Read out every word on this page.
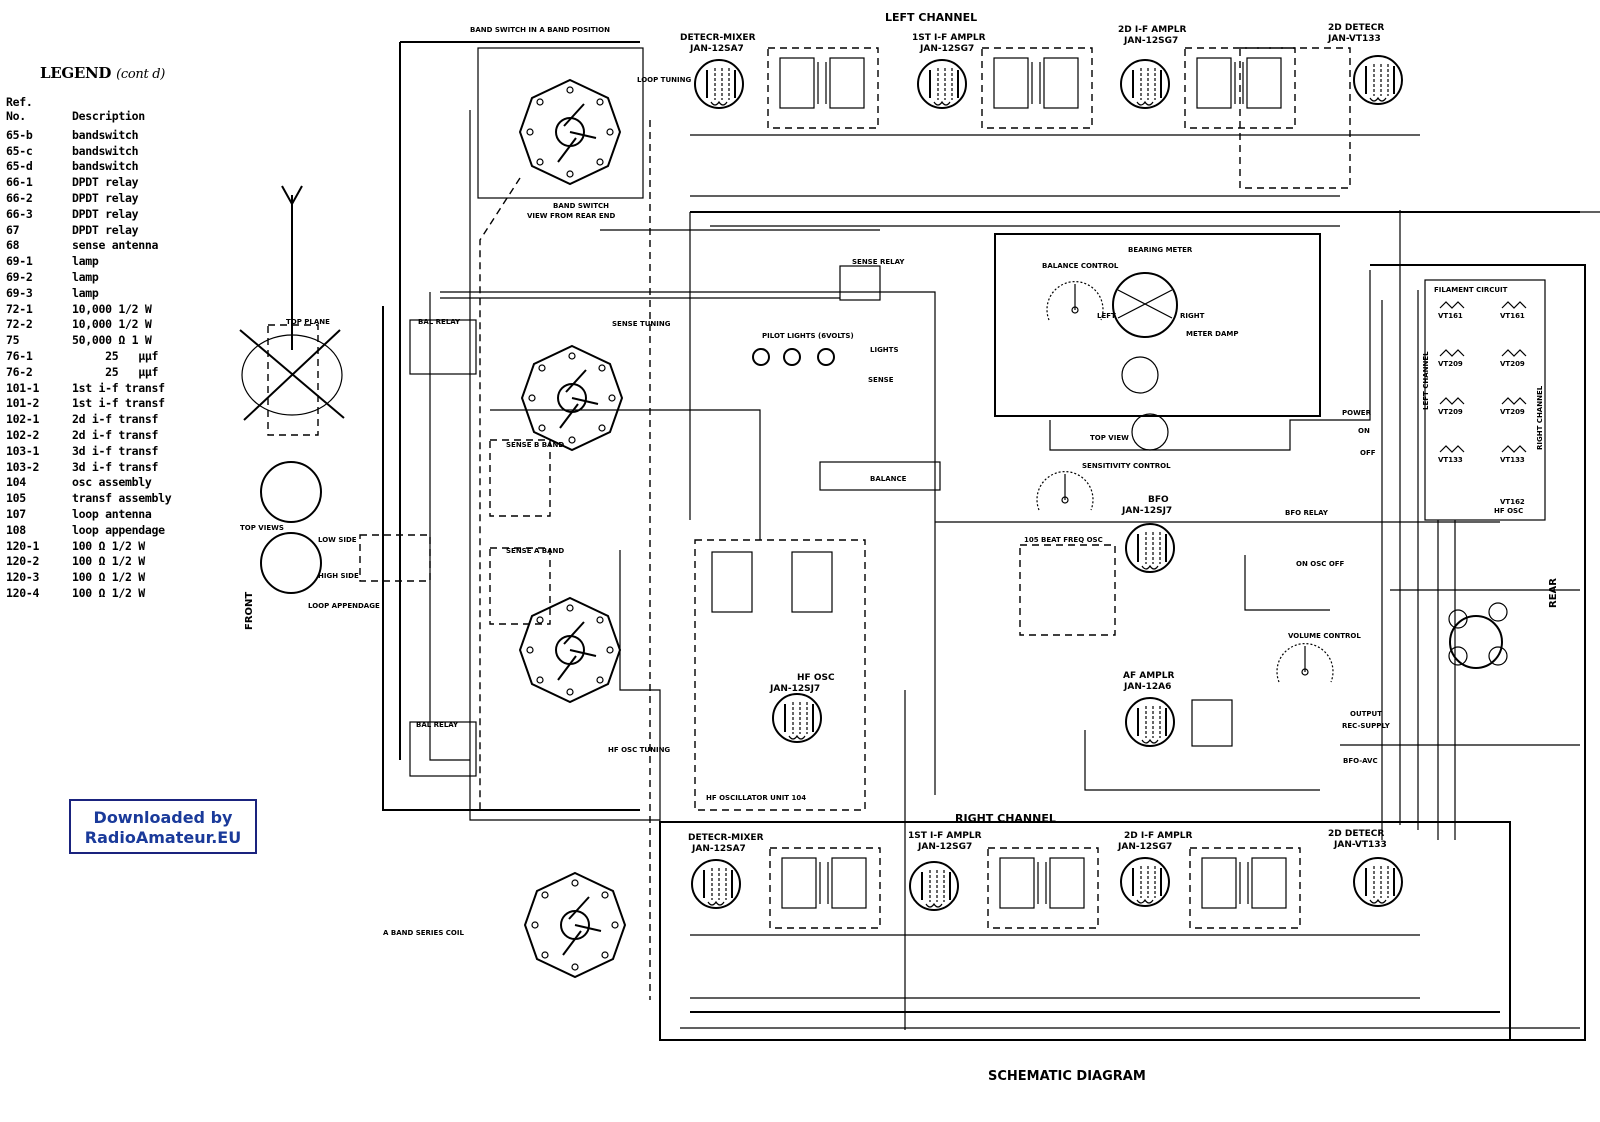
LEGEND (cont d)
Ref.
No.	Description
65-b	bandswitch
65-c	bandswitch
65-d	bandswitch
66-1	DPDT relay
66-2	DPDT relay
66-3	DPDT relay
67	DPDT relay
68	sense antenna
69-1	lamp
69-2	lamp
69-3	lamp
72-1	10,000 1/2 W
72-2	10,000 1/2 W
75	50,000 Ω 1 W
76-1	25   µµf
76-2	25   µµf
101-1	1st i-f transf
101-2	1st i-f transf
102-1	2d i-f transf
102-2	2d i-f transf
103-1	3d i-f transf
103-2	3d i-f transf
104	osc assembly
105	transf assembly
107	loop antenna
108	loop appendage
120-1	100 Ω 1/2 W
120-2	100 Ω 1/2 W
120-3	100 Ω 1/2 W
120-4	100 Ω 1/2 W
Downloaded by
RadioAmateur.EU
LEFT CHANNEL
BAND SWITCH IN A BAND POSITION
DETECR-MIXER
JAN-12SA7
1ST I-F AMPLR
JAN-12SG7
2D I-F AMPLR
JAN-12SG7
2D DETECR
JAN-VT133
RIGHT CHANNEL
DETECR-MIXER
JAN-12SA7
1ST I-F AMPLR
JAN-12SG7
2D I-F AMPLR
JAN-12SG7
2D DETECR
JAN-VT133
BAND SWITCH
VIEW FROM REAR END
LOOP TUNING
A BAND SERIES COIL
SENSE RELAY
SENSE TUNING
PILOT LIGHTS (6VOLTS)
LIGHTS
SENSE
BAL RELAY
BAL RELAY
SENSE B BAND
SENSE A BAND
BALANCE
BALANCE CONTROL
BEARING METER
LEFT	RIGHT
METER DAMP
TOP VIEW
FILAMENT CIRCUIT
VT161
VT209
VT209
VT133
VT161
VT209
VT209
VT133
LEFT CHANNEL
RIGHT CHANNEL
VT162
HF OSC
POWER
ON
OFF
SENSITIVITY CONTROL
BFO
JAN-12SJ7	BFO RELAY
105 BEAT FREQ OSC
ON OSC OFF
HF OSC
JAN-12SJ7
HF OSC TUNING
HF OSCILLATOR UNIT 104
VOLUME CONTROL
AF AMPLR
JAN-12A6
OUTPUT
REC-SUPPLY
BFO-AVC
TOP PLANE
TOP VIEWS
LOW SIDE
HIGH SIDE
LOOP APPENDAGE
FRONT	REAR
SCHEMATIC DIAGRAM
